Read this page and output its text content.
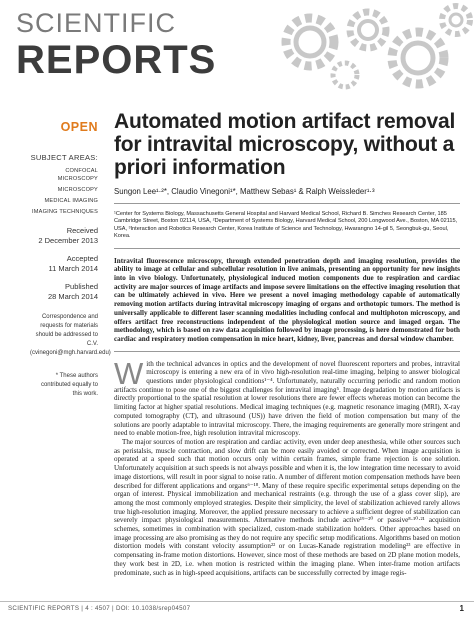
SCIENTIFIC
REPORTS
OPEN
SUBJECT AREAS:
CONFOCAL MICROSCOPY
MICROSCOPY
MEDICAL IMAGING
IMAGING TECHNIQUES
Received
2 December 2013
Accepted
11 March 2014
Published
28 March 2014
Correspondence and requests for materials should be addressed to C.V. (cvinegoni@mgh.harvard.edu)
* These authors contributed equally to this work.
Automated motion artifact removal for intravital microscopy, without a priori information
Sungon Lee¹·²*, Claudio Vinegoni¹*, Matthew Sebas¹ & Ralph Weissleder¹·³
¹Center for Systems Biology, Massachusetts General Hospital and Harvard Medical School, Richard B. Simches Research Center, 185 Cambridge Street, Boston 02114, USA, ²Department of Systems Biology, Harvard Medical School, 200 Longwood Ave., Boston, MA 02115, USA, ³Interaction and Robotics Research Center, Korea Institute of Science and Technology, Hwarangno 14-gil 5, Seongbuk-gu, Seoul, Korea.
Intravital fluorescence microscopy, through extended penetration depth and imaging resolution, provides the ability to image at cellular and subcellular resolution in live animals, presenting an opportunity for new insights into in vivo biology. Unfortunately, physiological induced motion components due to respiration and cardiac activity are major sources of image artifacts and impose severe limitations on the effective imaging resolution that can be ultimately achieved in vivo. Here we present a novel imaging methodology capable of automatically removing motion artifacts during intravital microscopy imaging of organs and orthotopic tumors. The method is universally applicable to different laser scanning modalities including confocal and multiphoton microscopy, and offers artifact free reconstructions independent of the physiological motion source and imaged organ. The methodology, which is based on raw data acquisition followed by image processing, is here demonstrated for both cardiac and respiratory motion compensation in mice heart, kidney, liver, pancreas and dorsal window chamber.
W ith the technical advances in optics and the development of novel fluorescent reporters and probes, intravital microscopy is entering a new era of in vivo high-resolution real-time imaging, helping to answer biological questions under physiological conditions¹⁻⁴. Unfortunately, naturally occurring periodic and random motion artifacts continue to pose one of the biggest challenges for intravital imaging⁵. Image degradation by motion artifacts is directly proportional to the spatial resolution at lower resolutions there are fewer effects whereas motion can become the limiting factor at higher spatial resolutions. Medical imaging techniques (e.g. magnetic resonance imaging (MRI), X-ray computed tomography (CT), and ultrasound (US)) have driven the field of motion compensation but many of the solutions are poorly adaptable to intravital microscopy. There, the imaging requirements are generally more stringent and need to enable motion-free, high resolution intravital microscopy.

The major sources of motion are respiration and cardiac activity, even under deep anesthesia, while other sources such as peristalsis, muscle contraction, and slow drift can be more easily avoided or corrected. When image acquisition is operated at a speed such that motion occurs only within certain frames, simple frame rejection is one solution. Unfortunately acquisition at such speeds is not always possible and when it is, the low integration time necessary to avoid image distortions, will result in poor signal to noise ratio. A number of different motion compensation methods have been described for different applications and organs⁶⁻¹⁸. Many of these require specific experimental setups depending on the organ of interest. Physical immobilization and mechanical restraints (e.g. through the use of a glass cover slip), are among the most commonly employed strategies. Despite their simplicity, the level of stabilization achieved rarely allows true high-resolution imaging. Moreover, the applied pressure necessary to achieve a sufficient degree of stabilization can severely impact physiological measurements. Alternative methods include active¹⁹⁻²⁰ or passive⁸·¹⁰·²¹ acquisition schemes, sometimes in combination with specialized, custom-made stabilization holders. Other approaches based on image processing are also promising as they do not require any specific setup modifications. Algorithms based on motion distortion models with constant velocity assumption²² or on Lucas-Kanade registration modeling²³ are effective in compensating in-frame motion distortions. However, since most of these methods are based on 2D plane motion models, they work best in 2D, i.e. when motion is restricted within the imaging plane. When inter-frame motion artifacts predominate, such as in high-speed acquisitions, artifacts can be successfully corrected by image regis-

SCIENTIFIC REPORTS | 4 : 4507 | DOI: 10.1038/srep04507	1
